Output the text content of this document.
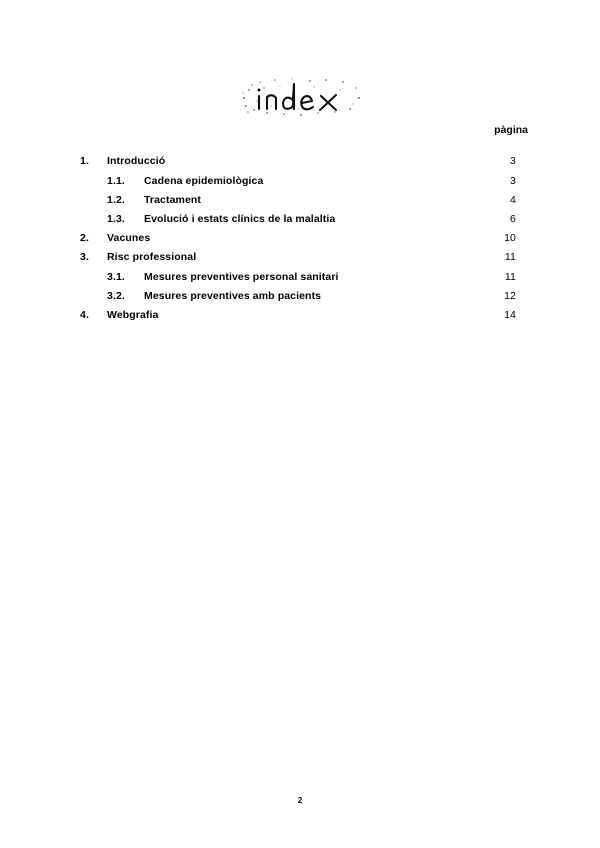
pàgina
1. Introducció	3
1.1. Cadena epidemiològica	3
1.2. Tractament	4
1.3. Evolució i estats clínics de la malaltia	6
2. Vacunes	10
3. Risc professional	11
3.1. Mesures preventives personal sanitari	11
3.2. Mesures preventives amb pacients	12
4. Webgrafia	14
2
